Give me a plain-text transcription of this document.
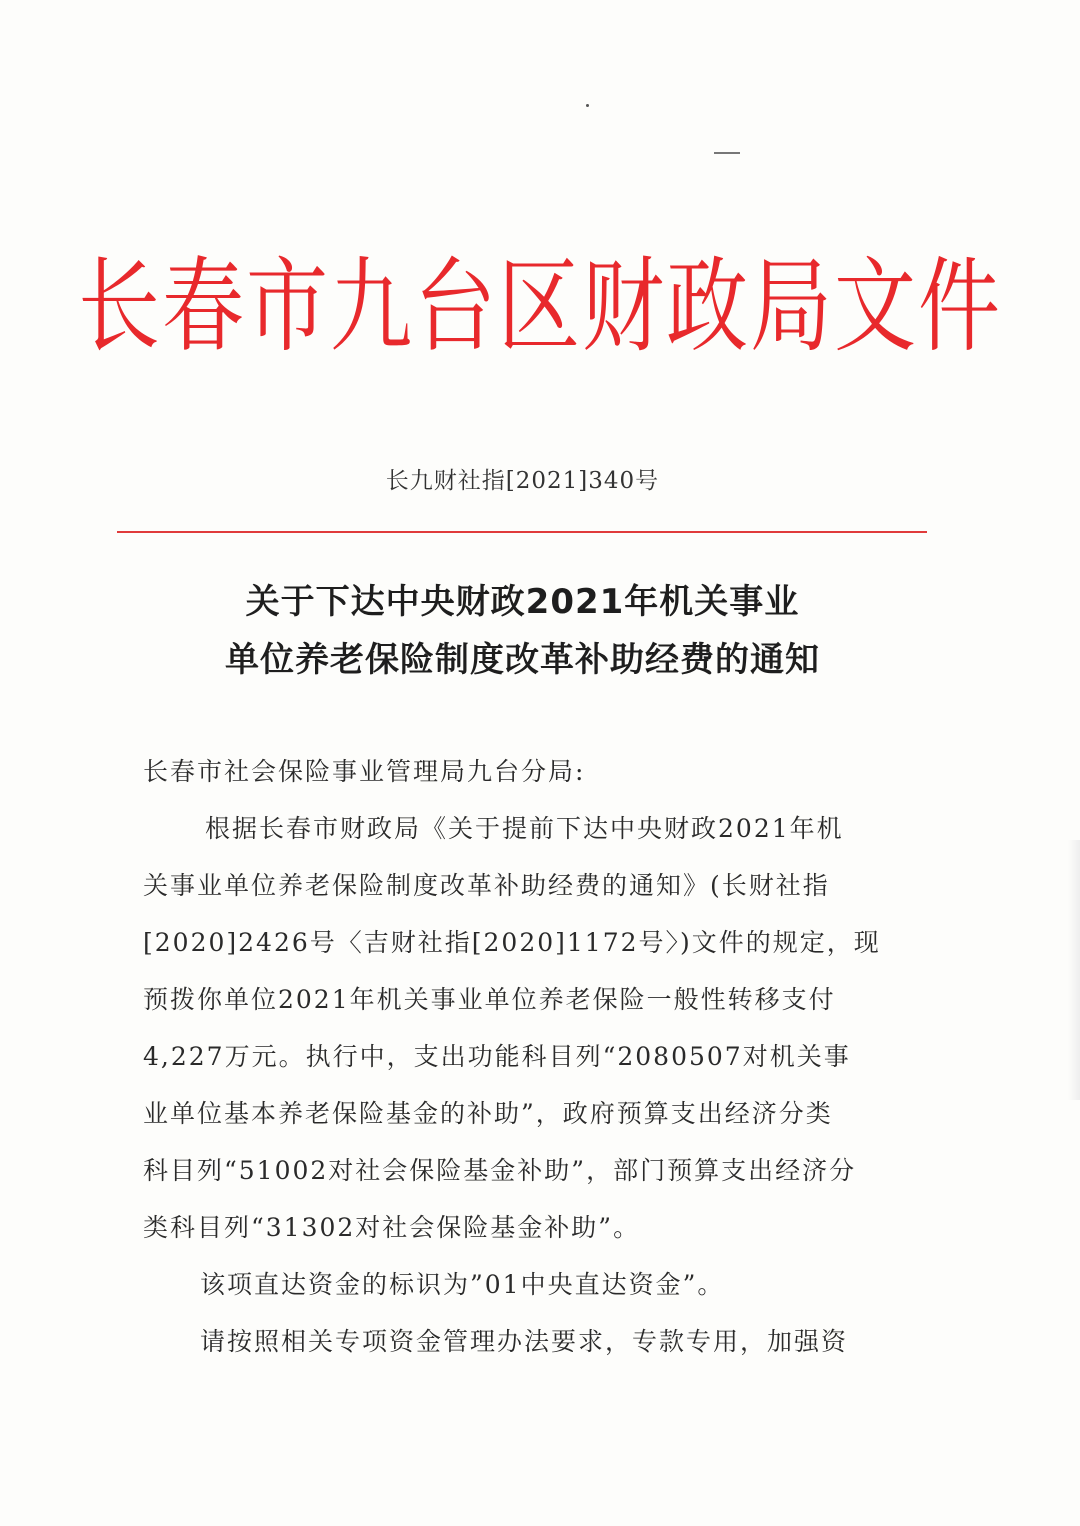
长春市九台区财政局文件
长九财社指[2021]340号
关于下达中央财政2021年机关事业
单位养老保险制度改革补助经费的通知
长春市社会保险事业管理局九台分局:
根据长春市财政局《关于提前下达中央财政2021年机
关事业单位养老保险制度改革补助经费的通知》(长财社指
[2020]2426号〈吉财社指[2020]1172号〉)文件的规定，现
预拨你单位2021年机关事业单位养老保险一般性转移支付
4,227万元。执行中，支出功能科目列“2080507对机关事
业单位基本养老保险基金的补助”，政府预算支出经济分类
科目列“51002对社会保险基金补助”，部门预算支出经济分
类科目列“31302对社会保险基金补助”。
该项直达资金的标识为”01中央直达资金”。
请按照相关专项资金管理办法要求，专款专用，加强资
